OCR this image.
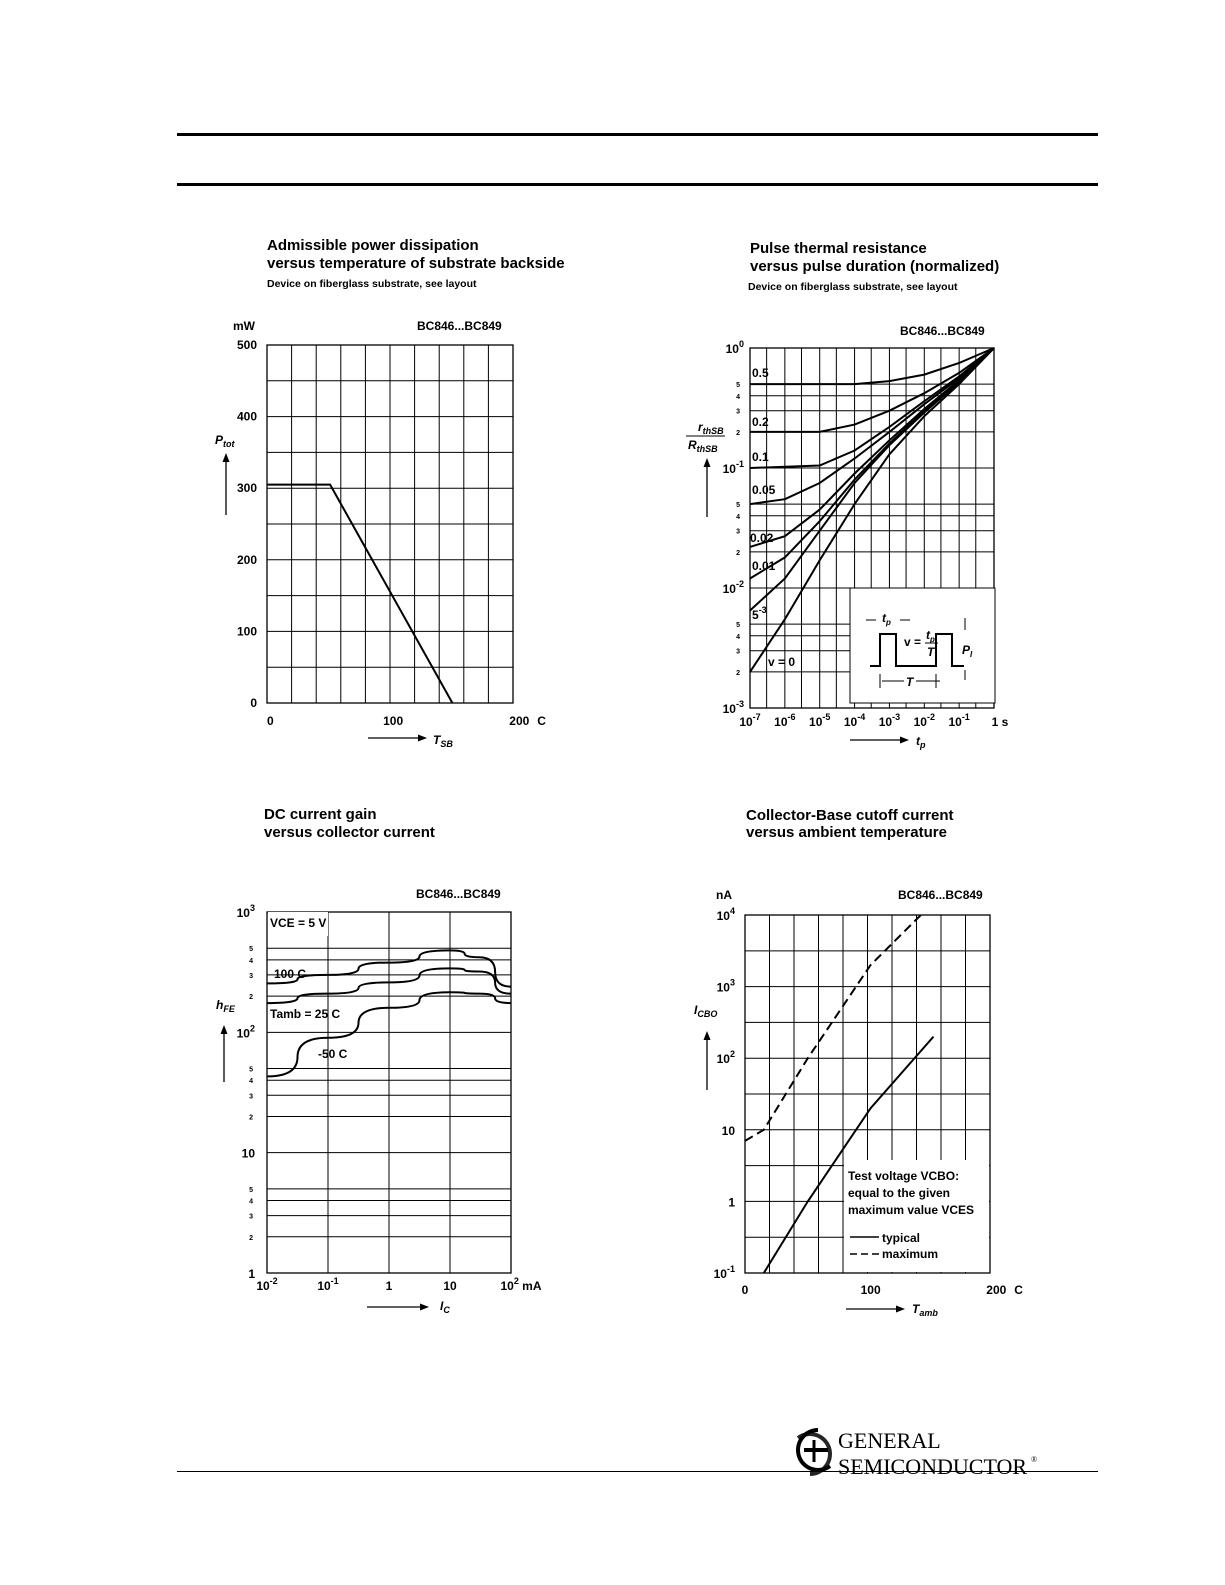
Admissible power dissipation
versus temperature of substrate backside
Device on fiberglass substrate, see layout
BC846...BC849
mW
0
100
200
300
400
500
0	100	200 C
$P_{tot}$
$T_{SB}$
Pulse thermal resistance
versus pulse duration (normalized)
Device on fiberglass substrate, see layout
BC846...BC849
$10^{-3}$
$10^{-2}$
$10^{-1}$
$10^0$
2
3
4
5
2
3
4
5
2
3
4
5
$10^{-7}$ $10^{-6}$ $10^{-5}$ $10^{-4}$ $10^{-3}$ $10^{-2}$ $10^{-1}$ 1 s
0.5
0.2
0.1
0.05
0.02
0.01
$5^{-3}$
v = 0
$r_{thSB}$
$R_{thSB}$
$t_p$
$t_p$
$v = t_p$
T
T
$P_I$
DC current gain
versus collector current
BC846...BC849
1
10
$10^2$
$10^3$
2
3
4
5
2
3
4
5
2
3
4
5
$10^{-2}$	$10^{-1}$	1	10	$10^2$ mA
VCE = 5 V
100 C
Tamb = 25 C
-50 C
$h_{FE}$
$I_C$
Collector-Base cutoff current
versus ambient temperature
BC846...BC849
nA
$10^{-1}$
1
10
$10^2$
$10^3$
$10^4$
0	100	200 C
Test voltage VCBO:
equal to the given
maximum value VCES
typical
maximum
$I_{CBO}$
$T_{amb}$
GENERAL
SEMICONDUCTOR ®
